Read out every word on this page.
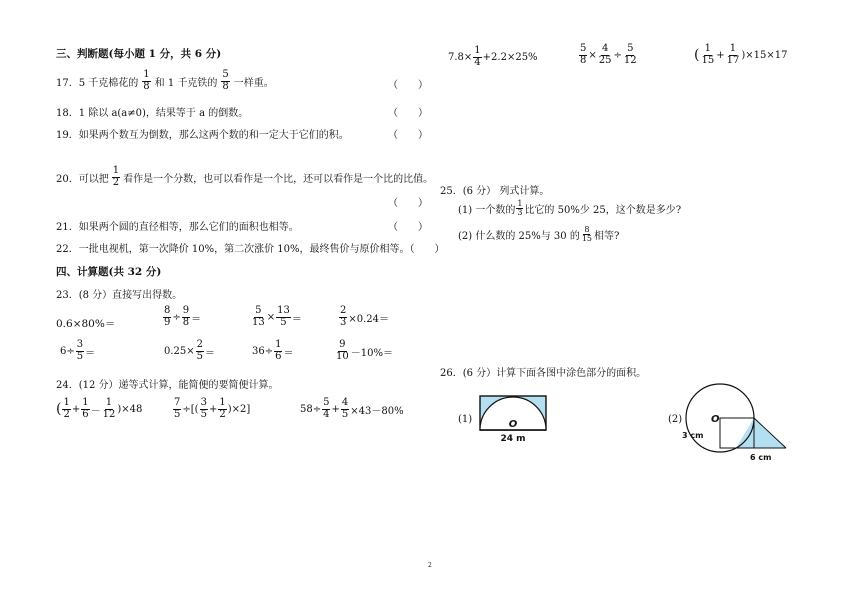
三、判断题(每小题 1 分，共 6 分)
17．5 千克棉花的 $\frac{1}{8}$ 和 1 千克铁的 $\frac{5}{8}$ 一样重。	（　　）
18．1 除以 a(a≠0)，结果等于 a 的倒数。	（　　）
19．如果两个数互为倒数，那么这两个数的和一定大于它们的积。	（　　）
20．可以把 $\frac{1}{2}$ 看作是一个分数，也可以看作是一个比，还可以看作是一个比的比值。
（　　）
21．如果两个圆的直径相等，那么它们的面积也相等。	（　　）
22．一批电视机，第一次降价 10%，第二次涨价 10%，最终售价与原价相等。（　　）
四、计算题(共 32 分)
23．(8 分）直接写出得数。
0.6×80%＝	$\frac{8}{9} \div \frac{9}{8}$ ＝	$\frac{5}{13} \times \frac{13}{5}$ ＝	$\frac{2}{3} \times 0.24=$
$6\div \frac{3}{5}$ ＝	$0.25\times \frac{2}{5}$ ＝	$36\div \frac{1}{6}$ ＝	$\frac{9}{10} -10\%=$
24．(12 分）递等式计算，能简便的要简便计算。
( $\frac{1}{2} + \frac{1}{6} - \frac{1}{12} )\times 48$	$\frac{7}{5}$ ÷[( $\frac{3}{5} + \frac{1}{2} )\times 2$]	$58\div \frac{5}{4} + \frac{4}{5} \times 43-80\%$
$7.8\times \frac{1}{4} +2.2\times 25\%$	$\frac{5}{8} \times \frac{4}{25} \div \frac{5}{12}$	( $\frac{1}{15} + \frac{1}{17} )\times 15\times 17$
25．(6 分） 列式计算。
(1) 一个数的 $\frac{1}{3}$ 比它的 50%少 25，这个数是多少?
(2) 什么数的 25%与 30 的 $\frac{8}{15}$ 相等?
26．(6 分）计算下面各图中涂色部分的面积。
(1)	O
24 m
(2)	O
3 cm
6 cm
2
